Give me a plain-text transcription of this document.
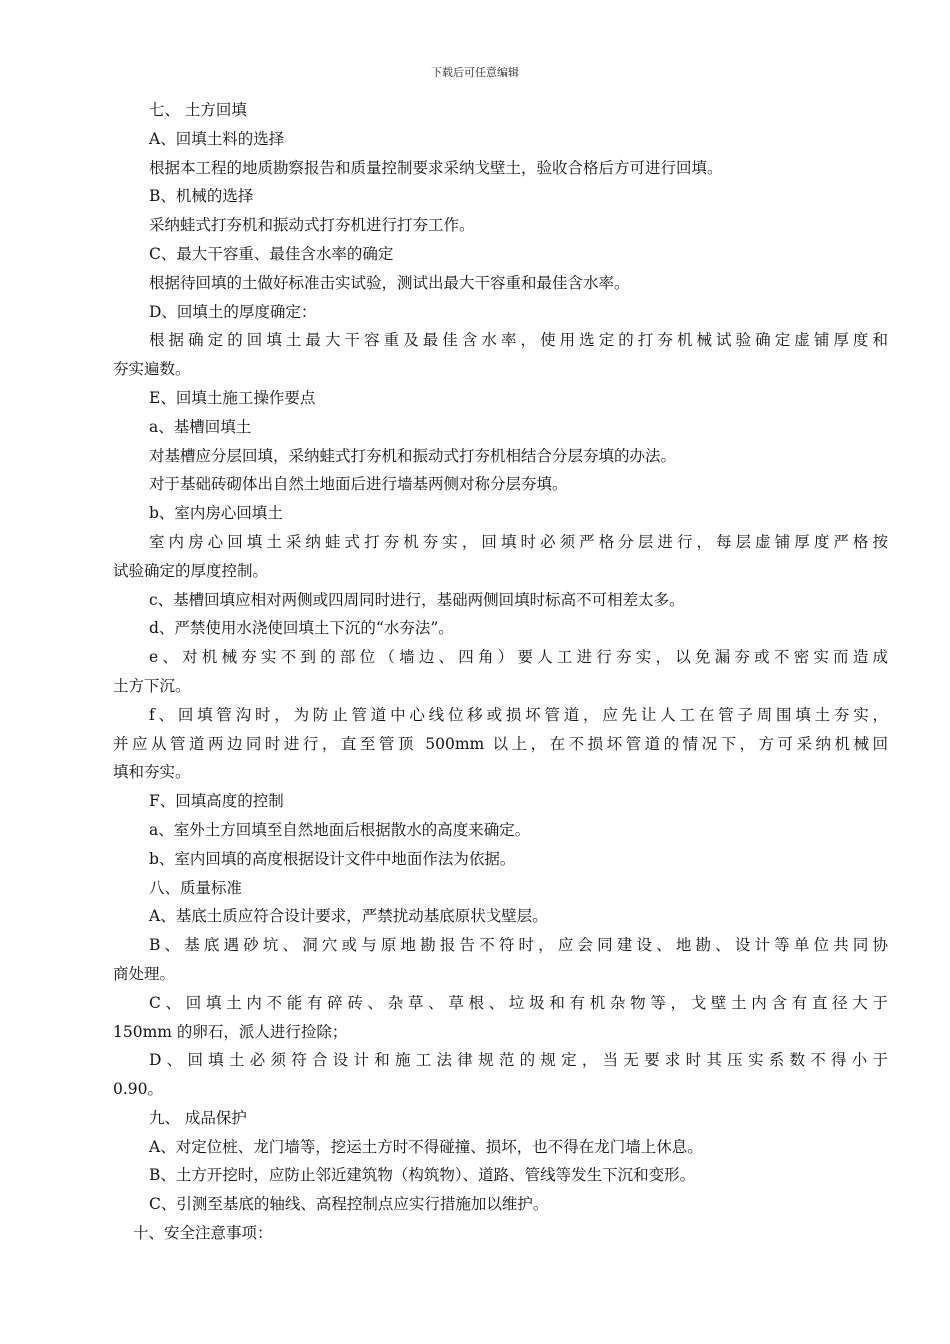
下载后可任意编辑

七、 土方回填

A、回填土料的选择

根据本工程的地质勘察报告和质量控制要求采纳戈壁土，验收合格后方可进行回填。

B、机械的选择

采纳蛙式打夯机和振动式打夯机进行打夯工作。

C、最大干容重、最佳含水率的确定

根据待回填的土做好标准击实试验，测试出最大干容重和最佳含水率。

D、回填土的厚度确定：

根据确定的回填土最大干容重及最佳含水率，使用选定的打夯机械试验确定虚铺厚度和

夯实遍数。

E、回填土施工操作要点

a、基槽回填土

对基槽应分层回填，采纳蛙式打夯机和振动式打夯机相结合分层夯填的办法。

对于基础砖砌体出自然土地面后进行墙基两侧对称分层夯填。

b、室内房心回填土

室内房心回填土采纳蛙式打夯机夯实，回填时必须严格分层进行，每层虚铺厚度严格按

试验确定的厚度控制。

c、基槽回填应相对两侧或四周同时进行，基础两侧回填时标高不可相差太多。

d、严禁使用水浇使回填土下沉的“水夯法”。

e、对机械夯实不到的部位（墙边、四角）要人工进行夯实，以免漏夯或不密实而造成

土方下沉。

f、回填管沟时，为防止管道中心线位移或损坏管道，应先让人工在管子周围填土夯实，

并应从管道两边同时进行，直至管顶 500mm 以上，在不损坏管道的情况下，方可采纳机械回

填和夯实。

F、回填高度的控制

a、室外土方回填至自然地面后根据散水的高度来确定。

b、室内回填的高度根据设计文件中地面作法为依据。

八、质量标准

A、基底土质应符合设计要求，严禁扰动基底原状戈壁层。

B、基底遇砂坑、洞穴或与原地勘报告不符时，应会同建设、地勘、设计等单位共同协

商处理。

C、回填土内不能有碎砖、杂草、草根、垃圾和有机杂物等，戈壁土内含有直径大于

150mm 的卵石，派人进行捡除；

D、回填土必须符合设计和施工法律规范的规定，当无要求时其压实系数不得小于

0.90。

九、 成品保护

A、对定位桩、龙门墙等，挖运土方时不得碰撞、损坏，也不得在龙门墙上休息。

B、土方开挖时，应防止邻近建筑物（构筑物）、道路、管线等发生下沉和变形。

C、引测至基底的轴线、高程控制点应实行措施加以维护。

十、安全注意事项：
